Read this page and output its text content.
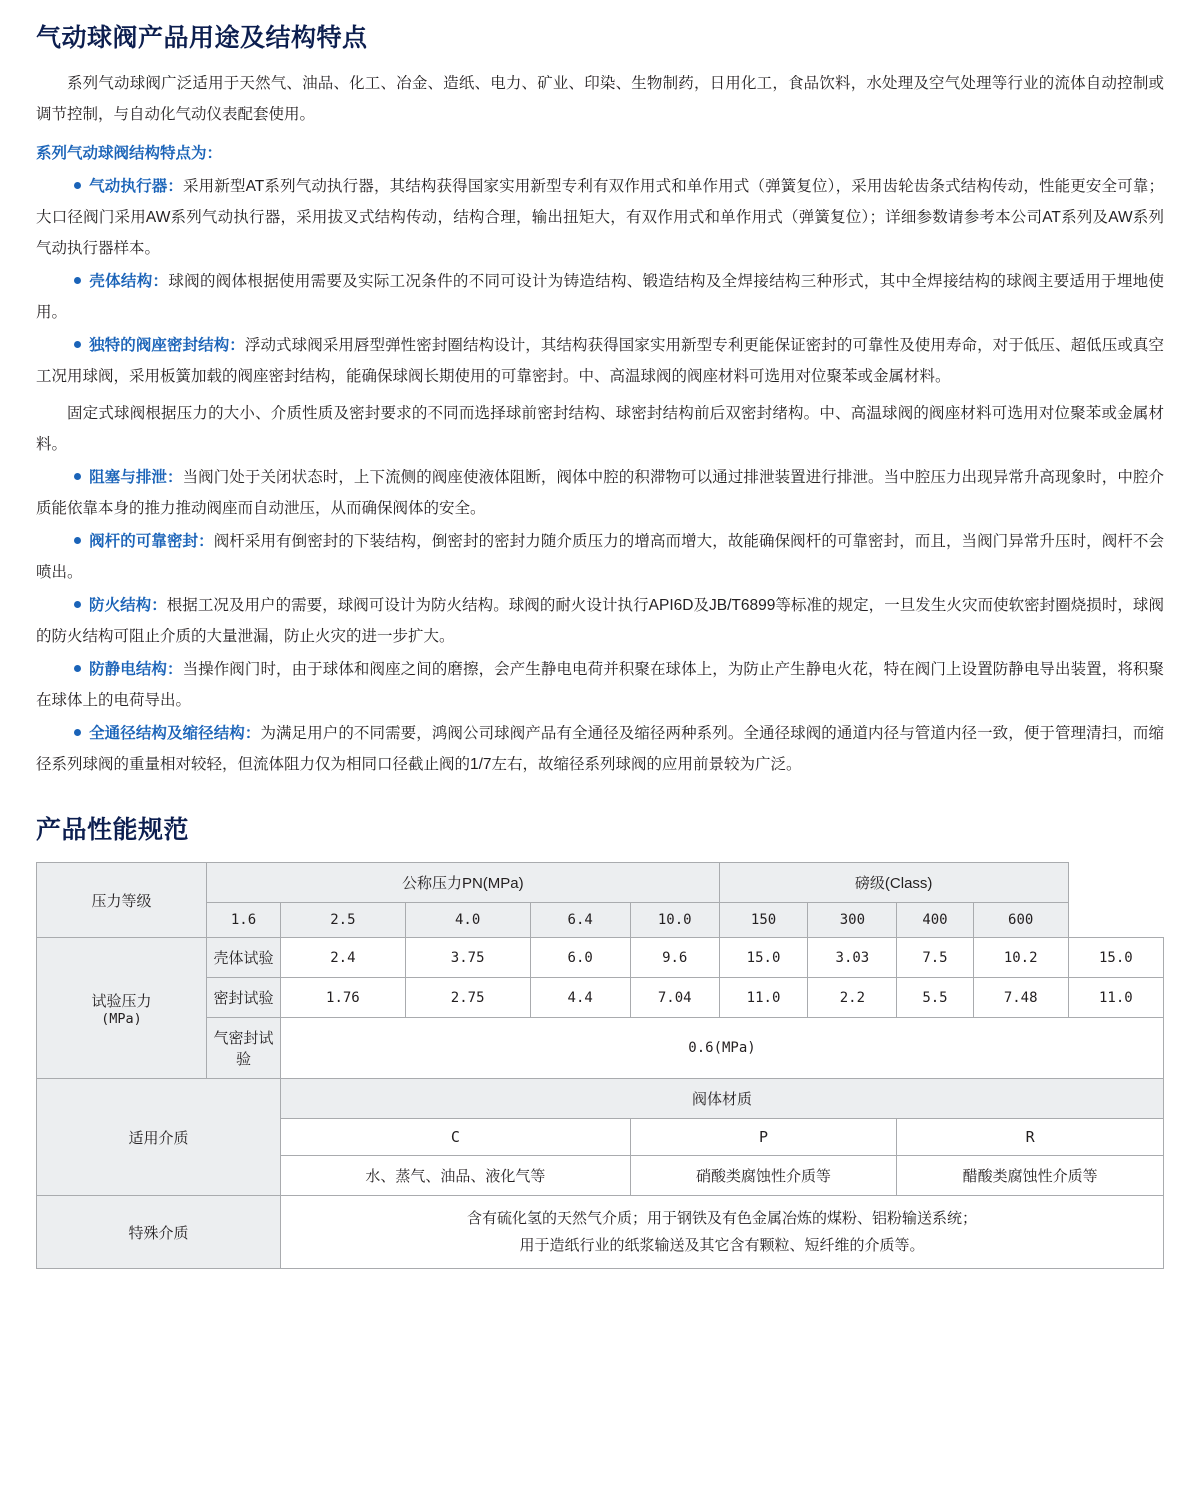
气动球阀产品用途及结构特点

系列气动球阀广泛适用于天然气、油品、化工、冶金、造纸、电力、矿业、印染、生物制药，日用化工，食品饮料，水处理及空气处理等行业的流体自动控制或调节控制，与自动化气动仪表配套使用。

系列气动球阀结构特点为：

气动执行器：采用新型AT系列气动执行器，其结构获得国家实用新型专利有双作用式和单作用式（弹簧复位），采用齿轮齿条式结构传动，性能更安全可靠；大口径阀门采用AW系列气动执行器，采用拔叉式结构传动，结构合理，输出扭矩大，有双作用式和单作用式（弹簧复位）；详细参数请参考本公司AT系列及AW系列气动执行器样本。

壳体结构：球阀的阀体根据使用需要及实际工况条件的不同可设计为铸造结构、锻造结构及全焊接结构三种形式，其中全焊接结构的球阀主要适用于埋地使用。

独特的阀座密封结构：浮动式球阀采用唇型弹性密封圈结构设计，其结构获得国家实用新型专利更能保证密封的可靠性及使用寿命，对于低压、超低压或真空工况用球阀，采用板簧加载的阀座密封结构，能确保球阀长期使用的可靠密封。中、高温球阀的阀座材料可选用对位聚苯或金属材料。

固定式球阀根据压力的大小、介质性质及密封要求的不同而选择球前密封结构、球密封结构前后双密封绪构。中、高温球阀的阀座材料可选用对位聚苯或金属材料。

阻塞与排泄：当阀门处于关闭状态时，上下流侧的阀座使液体阻断，阀体中腔的积滞物可以通过排泄装置进行排泄。当中腔压力出现异常升高现象时，中腔介质能依靠本身的推力推动阀座而自动泄压，从而确保阀体的安全。

阀杆的可靠密封：阀杆采用有倒密封的下装结构，倒密封的密封力随介质压力的增高而增大，故能确保阀杆的可靠密封，而且，当阀门异常升压时，阀杆不会喷出。

防火结构：根据工况及用户的需要，球阀可设计为防火结构。球阀的耐火设计执行API6D及JB/T6899等标准的规定，一旦发生火灾而使软密封圈烧损时，球阀的防火结构可阻止介质的大量泄漏，防止火灾的进一步扩大。

防静电结构：当操作阀门时，由于球体和阀座之间的磨擦，会产生静电电荷并积聚在球体上，为防止产生静电火花，特在阀门上设置防静电导出装置，将积聚在球体上的电荷导出。

全通径结构及缩径结构：为满足用户的不同需要，鸿阀公司球阀产品有全通径及缩径两种系列。全通径球阀的通道内径与管道内径一致，便于管理清扫，而缩径系列球阀的重量相对较轻，但流体阻力仅为相同口径截止阀的1/7左右，故缩径系列球阀的应用前景较为广泛。

产品性能规范
压力等级	公称压力PN(MPa)					磅级(Class)				
	1.6	2.5	4.0	6.4	10.0	150	300	400	600	

试验压力
(MPa)	壳体试验	2.4	3.75	6.0	9.6	15.0	3.03	7.5	10.2	15.0
	密封试验	1.76	2.75	4.4	7.04	11.0	2.2	5.5	7.48	11.0
	气密封试验	0.6(MPa)								
适用介质		阀体材质								
		C			P			R		
		水、蒸气、油品、液化气等			硝酸类腐蚀性介质等			醋酸类腐蚀性介质等		
特殊介质		含有硫化氢的天然气介质；用于钢铁及有色金属冶炼的煤粉、铝粉输送系统；
用于造纸行业的纸浆输送及其它含有颗粒、短纤维的介质等。								
